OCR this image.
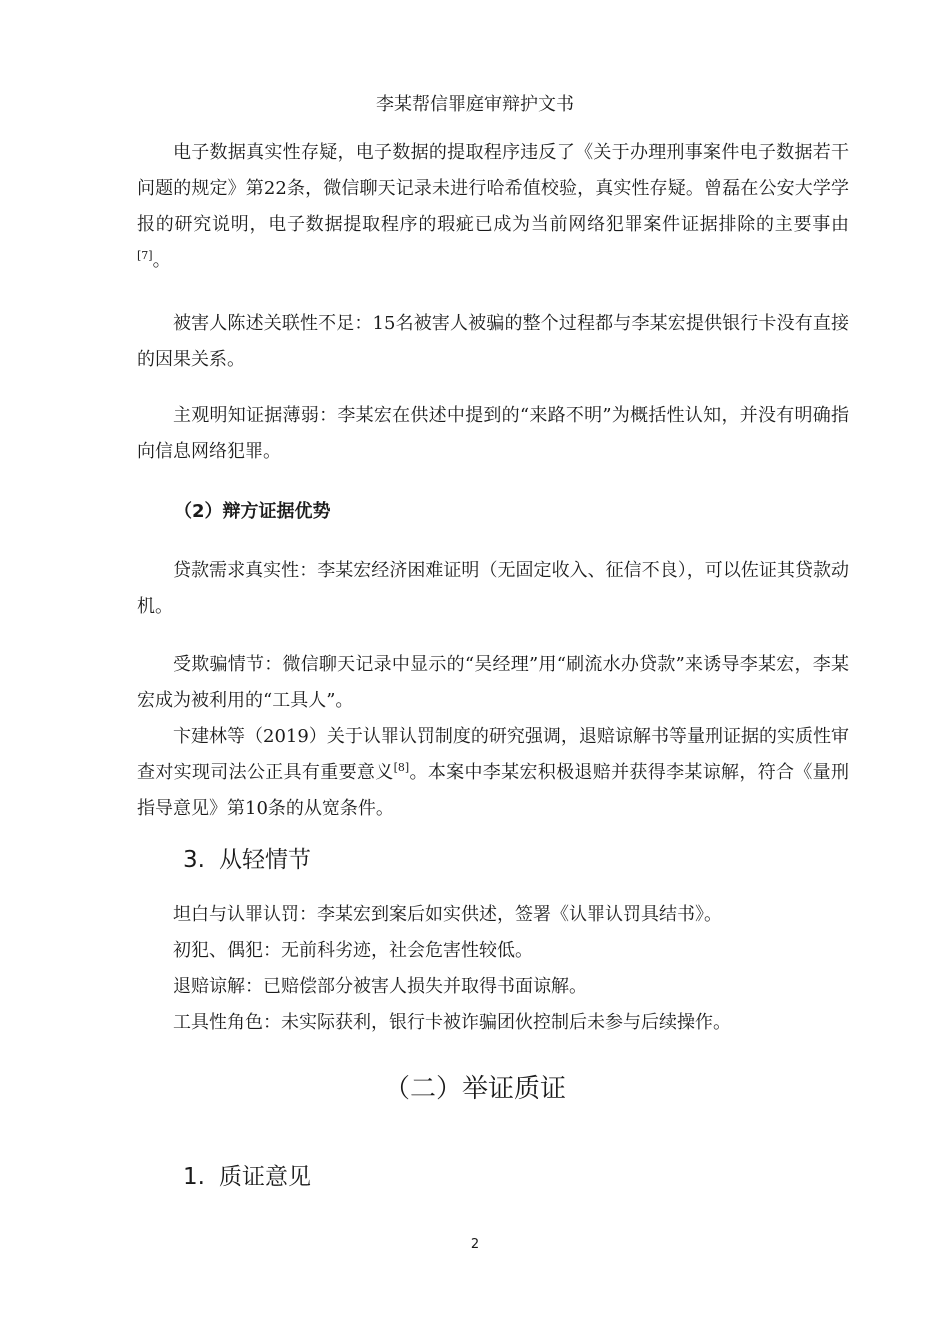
李某帮信罪庭审辩护文书

电子数据真实性存疑，电子数据的提取程序违反了《关于办理刑事案件电子数据若干问题的规定》第22条，微信聊天记录未进行哈希值校验，真实性存疑。曾磊在公安大学学报的研究说明，电子数据提取程序的瑕疵已成为当前网络犯罪案件证据排除的主要事由[7]。

被害人陈述关联性不足：15名被害人被骗的整个过程都与李某宏提供银行卡没有直接的因果关系。

主观明知证据薄弱：李某宏在供述中提到的“来路不明”为概括性认知，并没有明确指向信息网络犯罪。

（2）辩方证据优势

贷款需求真实性：李某宏经济困难证明（无固定收入、征信不良），可以佐证其贷款动机。

受欺骗情节：微信聊天记录中显示的“吴经理”用“刷流水办贷款”来诱导李某宏，李某宏成为被利用的“工具人”。

卞建林等（2019）关于认罪认罚制度的研究强调，退赔谅解书等量刑证据的实质性审查对实现司法公正具有重要意义[8]。本案中李某宏积极退赔并获得李某谅解，符合《量刑指导意见》第10条的从宽条件。

3. 从轻情节

坦白与认罪认罚：李某宏到案后如实供述，签署《认罪认罚具结书》。

初犯、偶犯：无前科劣迹，社会危害性较低。

退赔谅解：已赔偿部分被害人损失并取得书面谅解。

工具性角色：未实际获利，银行卡被诈骗团伙控制后未参与后续操作。

（二）举证质证
1. 质证意见
2
